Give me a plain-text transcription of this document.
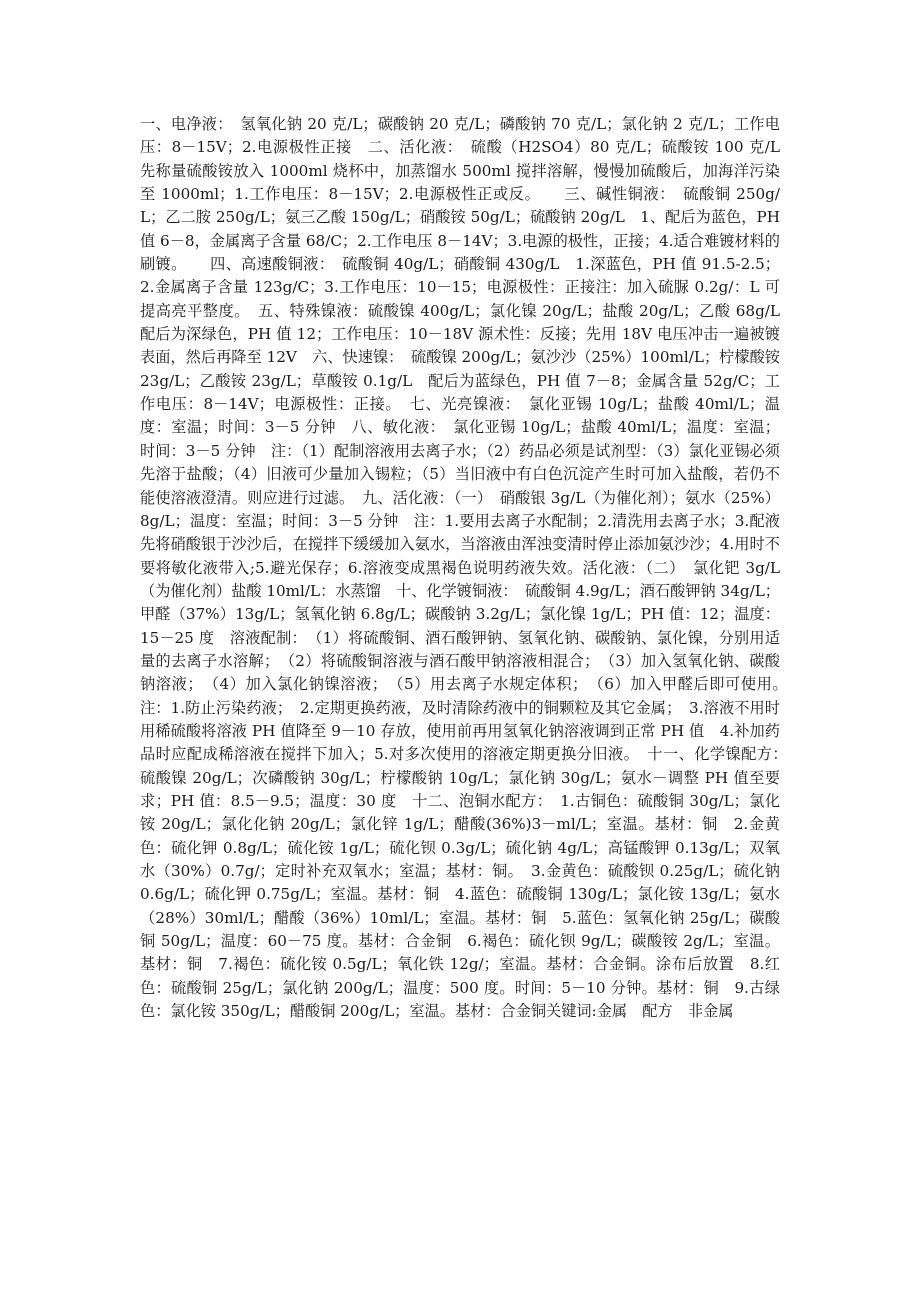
一、电净液：　氢氧化钠 20 克/L；碳酸钠 20 克/L；磷酸钠 70 克/L；氯化钠 2 克/L；工作电压：8－15V；2.电源极性正接　二、活化液：　硫酸（H2SO4）80 克/L；硫酸铵 100 克/L　先称量硫酸铵放入 1000ml 烧杯中，加蒸馏水 500ml 搅拌溶解，慢慢加硫酸后，加海洋污染至 1000ml；1.工作电压：8－15V；2.电源极性正或反。　　三、碱性铜液：　硫酸铜 250g/L；乙二胺 250g/L；氨三乙酸 150g/L；硝酸铵 50g/L；硫酸钠 20g/L　1、配后为蓝色，PH 值 6－8，金属离子含量 68/C；2.工作电压 8－14V；3.电源的极性，正接；4.适合难镀材料的刷镀。　　四、高速酸铜液：　硫酸铜 40g/L；硝酸铜 430g/L　1.深蓝色，PH 值 91.5-2.5；2.金属离子含量 123g/C；3.工作电压：10－15；电源极性：正接注：加入硫脲 0.2g/：L 可提高亮平整度。　五、特殊镍液：硫酸镍 400g/L；氯化镍 20g/L；盐酸 20g/L；乙酸 68g/L　配后为深绿色，PH 值 12；工作电压：10－18V 源术性：反接；先用 18V 电压冲击一遍被镀表面，然后再降至 12V　六、快速镍：　硫酸镍 200g/L；氨沙沙（25%）100ml/L；柠檬酸铵 23g/L；乙酸铵 23g/L；草酸铵 0.1g/L　配后为蓝绿色，PH 值 7－8；金属含量 52g/C；工作电压：8－14V；电源极性：正接。　七、光亮镍液：　氯化亚锡 10g/L；盐酸 40ml/L；温度：室温；时间：3－5 分钟　八、敏化液：　氯化亚锡 10g/L；盐酸 40ml/L；温度：室温；时间：3－5 分钟　注：（1）配制溶液用去离子水；（2）药品必须是试剂型：（3）氯化亚锡必须先溶于盐酸；（4）旧液可少量加入锡粒；（5）当旧液中有白色沉淀产生时可加入盐酸，若仍不能使溶液澄清。则应进行过滤。　九、活化液：（一）　硝酸银 3g/L（为催化剂）；氨水（25%）8g/L；温度：室温；时间：3－5 分钟　注：1.要用去离子水配制；2.清洗用去离子水；3.配液先将硝酸银于沙沙后，在搅拌下缓缓加入氨水，当溶液由浑浊变清时停止添加氨沙沙；4.用时不要将敏化液带入;5.避光保存；6.溶液变成黑褐色说明药液失效。活化液：（二）　氯化钯 3g/L（为催化剂）盐酸 10ml/L：水蒸馏　十、化学镀铜液：　硫酸铜 4.9g/L；酒石酸钾钠 34g/L；甲醛（37%）13g/L；氢氧化钠 6.8g/L；碳酸钠 3.2g/L；氯化镍 1g/L；PH 值：12；温度：15－25 度　溶液配制：　（1）将硫酸铜、酒石酸钾钠、氢氧化钠、碳酸钠、氯化镍，分别用适量的去离子水溶解；　（2）将硫酸铜溶液与酒石酸甲钠溶液相混合；　（3）加入氢氧化钠、碳酸钠溶液；　（4）加入氯化钠镍溶液；　（5）用去离子水规定体积；　（6）加入甲醛后即可使用。　注：1.防止污染药液；　2.定期更换药液，及时清除药液中的铜颗粒及其它金属；　3.溶液不用时用稀硫酸将溶液 PH 值降至 9－10 存放，使用前再用氢氧化钠溶液调到正常 PH 值　4.补加药品时应配成稀溶液在搅拌下加入；5.对多次使用的溶液定期更换分旧液。　十一、化学镍配方：　硫酸镍 20g/L；次磷酸钠 30g/L；柠檬酸钠 10g/L；氯化钠 30g/L；氨水－调整 PH 值至要求；PH 值：8.5－9.5；温度：30 度　十二、泡铜水配方：　1.古铜色：硫酸铜 30g/L；氯化铵 20g/L；氯化化钠 20g/L；氯化锌 1g/L；醋酸(36%)3－ml/L；室温。基材：铜　2.金黄色：硫化钾 0.8g/L；硫化铵 1g/L；硫化钡 0.3g/L；硫化钠 4g/L；高锰酸钾 0.13g/L；双氧水（30%）0.7g/；定时补充双氧水；室温；基材：铜。　3.金黄色：硫酸钡 0.25g/L；硫化钠 0.6g/L；硫化钾 0.75g/L；室温。基材：铜　4.蓝色：硫酸铜 130g/L；氯化铵 13g/L；氨水（28%）30ml/L；醋酸（36%）10ml/L；室温。基材：铜　5.蓝色：氢氧化钠 25g/L；碳酸铜 50g/L；温度：60－75 度。基材：合金铜　6.褐色：硫化钡 9g/L；碳酸铵 2g/L；室温。基材：铜　7.褐色：硫化铵 0.5g/L；氧化铁 12g/；室温。基材：合金铜。涂布后放置　8.红色：硫酸铜 25g/L；氯化钠 200g/L；温度：500 度。时间：5－10 分钟。基材：铜　9.古绿色：氯化铵 350g/L；醋酸铜 200g/L；室温。基材：合金铜关键词:金属　配方　非金属
